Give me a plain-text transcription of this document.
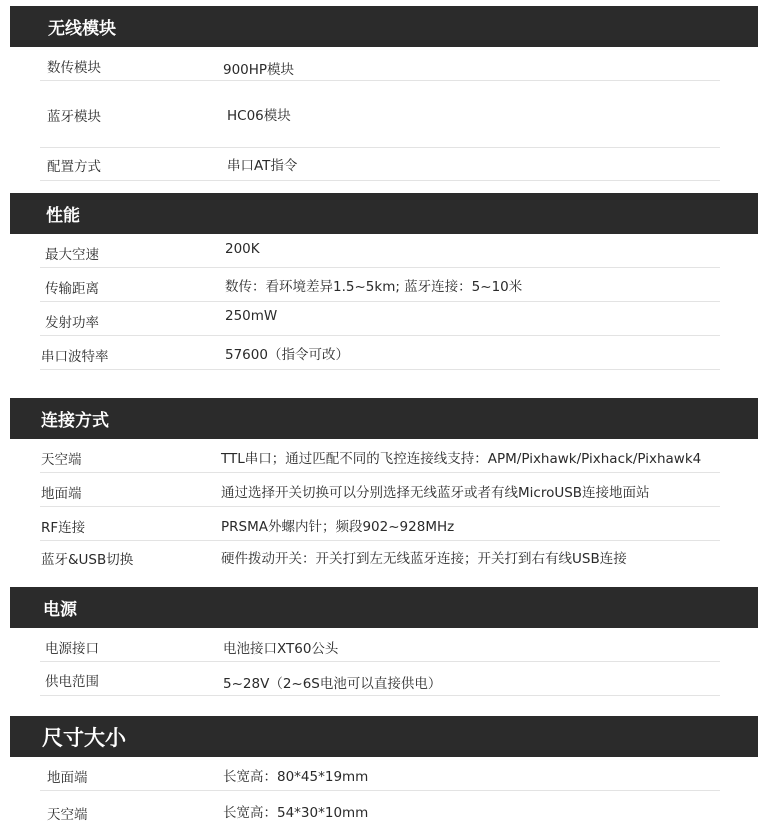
无线模块
数传模块	900HP模块
蓝牙模块	HC06模块
配置方式	串口AT指令
性能
最大空速	200K
传输距离	数传：看环境差异1.5~5km; 蓝牙连接：5~10米
发射功率	250mW
串口波特率	57600（指令可改）
连接方式
天空端	TTL串口；通过匹配不同的飞控连接线支持：APM/Pixhawk/Pixhack/Pixhawk4
地面端	通过选择开关切换可以分别选择无线蓝牙或者有线MicroUSB连接地面站
RF连接	PRSMA外螺内针；频段902~928MHz
蓝牙&USB切换	硬件拨动开关：开关打到左无线蓝牙连接；开关打到右有线USB连接
电源
电源接口	电池接口XT60公头
供电范围	5~28V（2~6S电池可以直接供电）
尺寸大小
地面端	长宽高：80*45*19mm
天空端	长宽高：54*30*10mm
